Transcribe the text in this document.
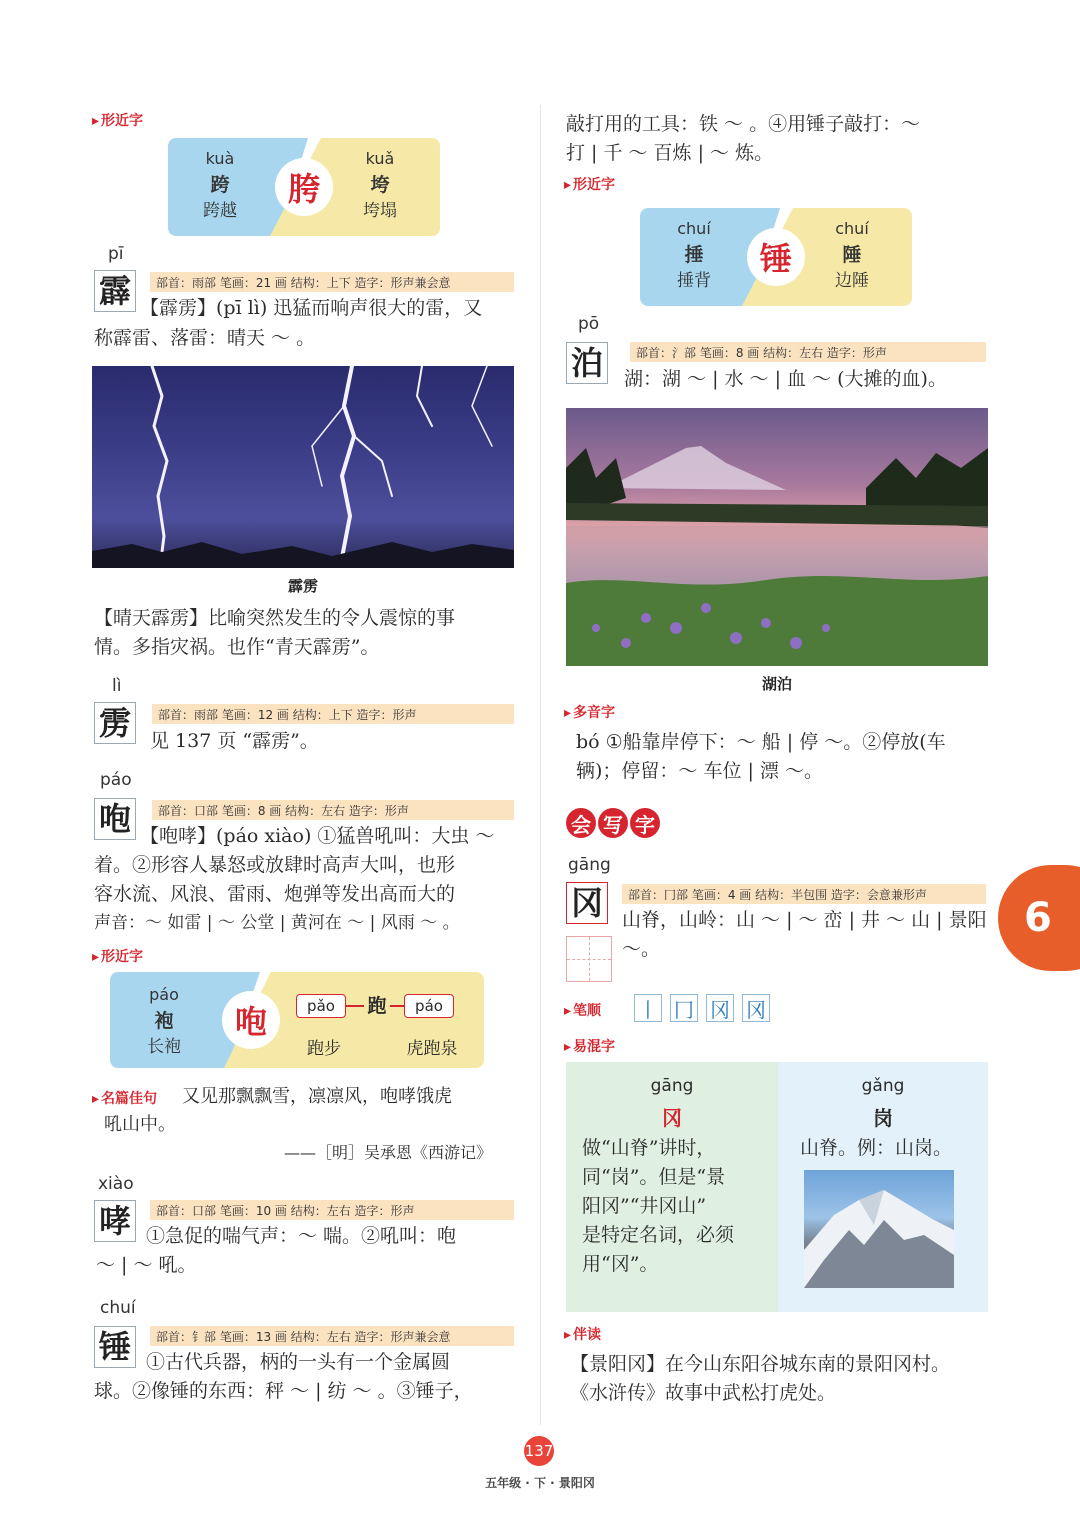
▸ 形近字
胯
kuà
跨
跨越
kuǎ
垮
垮塌
pī
霹	部首：雨部 笔画：21 画 结构：上下 造字：形声兼会意
【霹雳】(pī lì) 迅猛而响声很大的雷，又
称霹雷、落雷：晴天 ～ 。
霹雳
【晴天霹雳】比喻突然发生的令人震惊的事
情。多指灾祸。也作“青天霹雳”。
lì
雳	部首：雨部 笔画：12 画 结构：上下 造字：形声
见 137 页 “霹雳”。
páo
咆	部首：口部 笔画：8 画 结构：左右 造字：形声
【咆哮】(páo xiào) ①猛兽吼叫：大虫 ～
着。②形容人暴怒或放肆时高声大叫，也形
容水流、风浪、雷雨、炮弹等发出高而大的
声音：～ 如雷 | ～ 公堂 | 黄河在 ～ | 风雨 ～ 。
▸ 形近字
咆
páo
袍
长袍
pǎo	跑	páo
跑步	虎跑泉
▸ 名篇佳句 又见那飘飘雪，凛凛风，咆哮饿虎
吼山中。
——［明］吴承恩《西游记》
xiào
哮	部首：口部 笔画：10 画 结构：左右 造字：形声
①急促的喘气声：～ 喘。②吼叫：咆
～ | ～ 吼。
chuí
锤	部首：钅部 笔画：13 画 结构：左右 造字：形声兼会意
①古代兵器，柄的一头有一个金属圆
球。②像锤的东西：秤 ～ | 纺 ～ 。③锤子，
敲打用的工具：铁 ～ 。④用锤子敲打：～
打 | 千 ～ 百炼 | ～ 炼。
▸ 形近字
锤
chuí
捶
捶背
chuí
陲
边陲
pō
泊	部首：氵部 笔画：8 画 结构：左右 造字：形声
湖：湖 ～ | 水 ～ | 血 ～ (大摊的血)。
湖泊
▸ 多音字
bó ①船靠岸停下：～ 船 | 停 ～。②停放(车
辆)；停留：～ 车位 | 漂 ～。
会 写 字
gāng
冈	部首：冂部 笔画：4 画 结构：半包围 造字：会意兼形声
山脊，山岭：山 ～ | ～ 峦 | 井 ～ 山 | 景阳 ～。
▸ 笔顺 丨 冂 冈 冈
▸ 易混字
gāng
冈
做“山脊”讲时，
同“岗”。但是“景
阳冈”“井冈山”
是特定名词，必须
用“冈”。
gǎng
岗
山脊。例：山岗。
▸ 伴读
【景阳冈】在今山东阳谷城东南的景阳冈村。
《水浒传》故事中武松打虎处。
6
137
五年级 · 下 · 景阳冈
